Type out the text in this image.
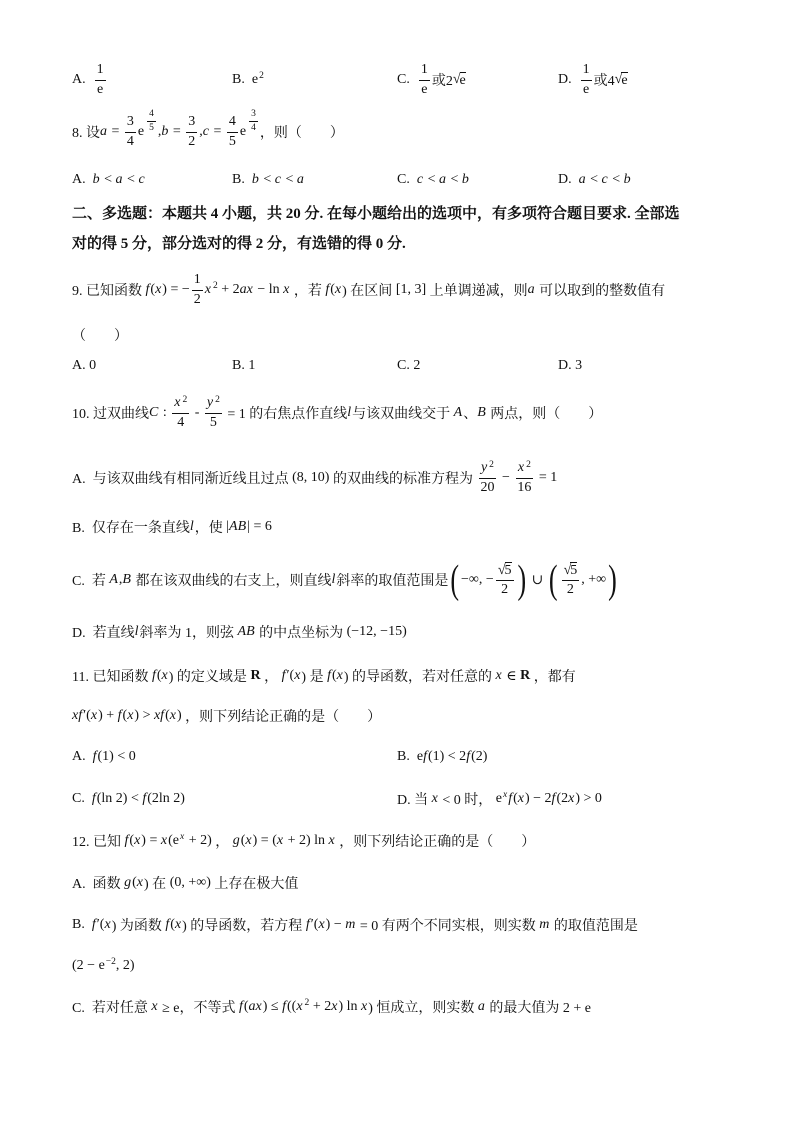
A. $\frac{1}{e}$

	B. $e^2$

	C. $\frac{1}{e}$ 或2 √ e

	D. $\frac{1}{e}$ 或4 √ e

8. 设 $a = \frac{3}{4}$ e $^{\frac{4}{5}}$ , $b = \frac{3}{2}$ , $c = \frac{4}{5}$ e $^{\frac{3}{4}}$ ，则（　　）

A. b < a < c

	B. b < c < a

	C. c < a < b

	D. a < c < b

二、多选题：本题共 4 小题，共 20 分. 在每小题给出的选项中，有多项符合题目要求. 全部选
对的得 5 分，部分选对的得 2 分，有选错的得 0 分.
9. 已知函数 f ( x ) = − $\frac{1}{2}$ x $^2$ + 2 ax − ln x ，若 f ( x ) 在区间 [1, 3] 上单调递减，则 a 可以取到的整数值有
（　　）

A. 0

	B. 1

	C. 2

	D. 3

10. 过双曲线 C : $\frac{x ^2}{4} - \frac{y ^2}{5} = 1$ 的右焦点作直线 l 与该双曲线交于 A 、 B 两点，则（　　）
A.  与该双曲线有相同渐近线且过点 (8, 10) 的双曲线的标准方程为 $\frac{y ^2}{20} - \frac{x ^2}{16} = 1$
B.  仅存在一条直线 l ，使 | AB | = 6
C.  若 A , B 都在该双曲线的右支上，则直线 l 斜率的取值范围是 ( −∞, − $\frac{√5}{2}$ ) ∪ ( $\frac{√5}{2}$ , +∞ )
D.  若直线 l 斜率为 1，则弦 AB 的中点坐标为 (−12, −15)
11. 已知函数 f ( x ) 的定义域是 R ， f ′( x ) 是 f ( x ) 的导函数，若对任意的 x ∈ R ，都有
xf ′( x ) + f ( x ) > xf ( x ) ，则下列结论正确的是（　　）

A. f (1) < 0

	B.  e f (1) < 2 f (2)

C. f (ln 2) < f (2ln 2)

	D. 当 x < 0 时， $e^x$ f ( x ) − 2 f (2 x ) > 0

12. 已知 f ( x ) = x ( $e^x + 2$) ， g ( x ) = ( x + 2) ln x ，则下列结论正确的是（　　）
A.  函数 g ( x ) 在 (0, +∞) 上存在极大值
B. f ′( x ) 为函数 f ( x ) 的导函数，若方程 f ′( x ) − m = 0 有两个不同实根，则实数 m 的取值范围是
($2 - e^{-2}$ , 2)
C.  若对任意 x ≥ e，不等式 f ( ax ) ≤ f (( x $^2$ + 2 x ) ln x ) 恒成立，则实数 a 的最大值为 2 + e
